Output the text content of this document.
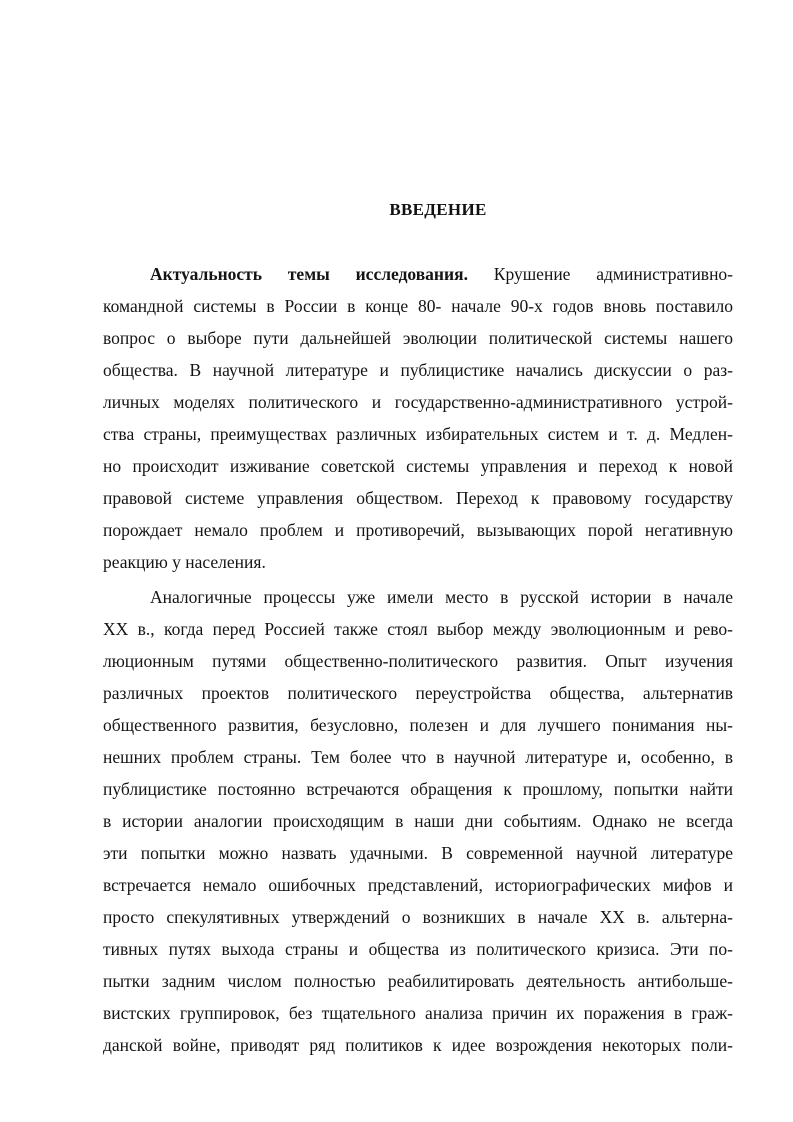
ВВЕДЕНИЕ
Актуальность темы исследования. Крушение административно-
командной системы в России в конце 80- начале 90-х годов вновь поставило
вопрос о выборе пути дальнейшей эволюции политической системы нашего
общества. В научной литературе и публицистике начались дискуссии о раз-
личных моделях политического и государственно-административного устрой-
ства страны, преимуществах различных избирательных систем и т. д. Медлен-
но происходит изживание советской системы управления и переход к новой
правовой системе управления обществом. Переход к правовому государству
порождает немало проблем и противоречий, вызывающих порой негативную
реакцию у населения.
Аналогичные процессы уже имели место в русской истории в начале
XX в., когда перед Россией также стоял выбор между эволюционным и рево-
люционным путями общественно-политического развития. Опыт изучения
различных проектов политического переустройства общества, альтернатив
общественного развития, безусловно, полезен и для лучшего понимания ны-
нешних проблем страны. Тем более что в научной литературе и, особенно, в
публицистике постоянно встречаются обращения к прошлому, попытки найти
в истории аналогии происходящим в наши дни событиям. Однако не всегда
эти попытки можно назвать удачными. В современной научной литературе
встречается немало ошибочных представлений, историографических мифов и
просто спекулятивных утверждений о возникших в начале XX в. альтерна-
тивных путях выхода страны и общества из политического кризиса. Эти по-
пытки задним числом полностью реабилитировать деятельность антибольше-
вистских группировок, без тщательного анализа причин их поражения в граж-
данской войне, приводят ряд политиков к идее возрождения некоторых поли-
